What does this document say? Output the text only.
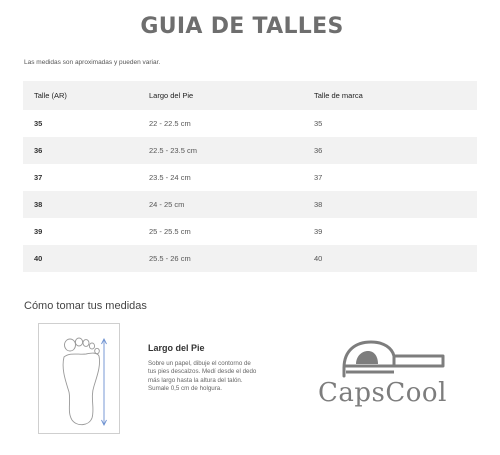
GUIA DE TALLES
Las medidas son aproximadas y pueden variar.
Talle (AR)	Largo del Pie	Talle de marca
35	22 - 22.5 cm	35
36	22.5 - 23.5 cm	36
37	23.5 - 24 cm	37
38	24 - 25 cm	38
39	25 - 25.5 cm	39
40	25.5 - 26 cm	40
Cómo tomar tus medidas
Largo del Pie
Sobre un papel, dibuje el contorno de tus pies descalzos. Medí desde el dedo más largo hasta la altura del talón. Sumale 0,5 cm de holgura.	CapsCool
